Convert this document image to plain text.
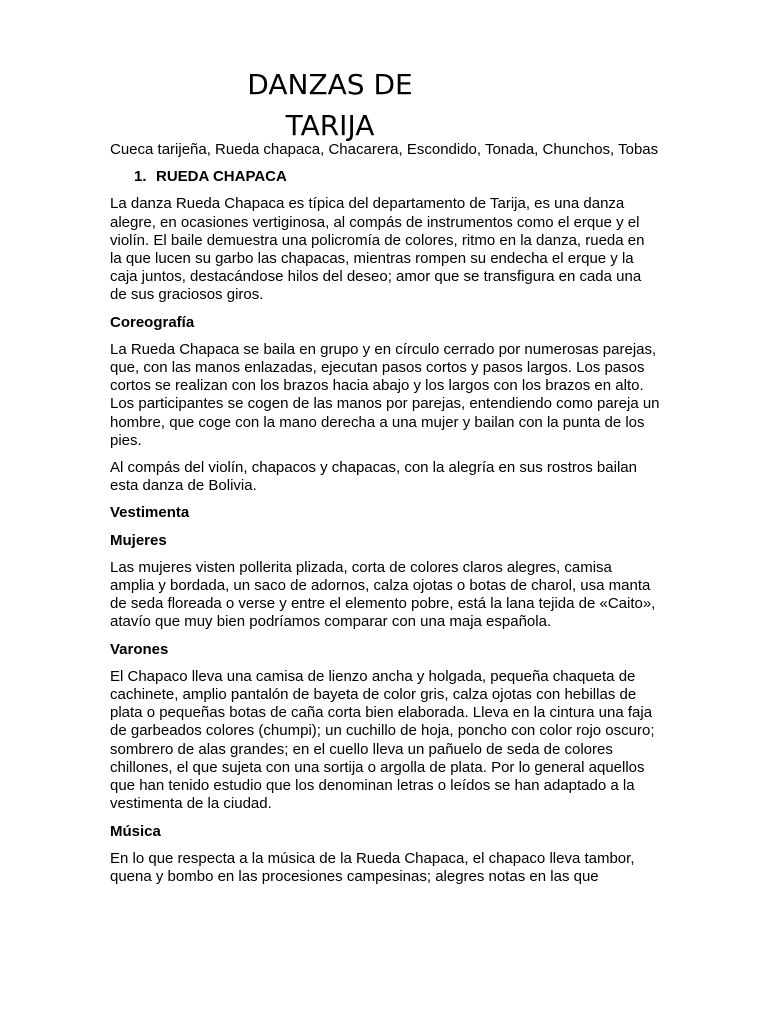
DANZAS DE TARIJA

Cueca tarijeña, Rueda chapaca, Chacarera, Escondido, Tonada, Chunchos, Tobas

1. RUEDA CHAPACA

La danza Rueda Chapaca es típica del departamento de Tarija, es una danza alegre, en ocasiones vertiginosa, al compás de instrumentos como el erque y el violín. El baile demuestra una policromía de colores, ritmo en la danza, rueda en la que lucen su garbo las chapacas, mientras rompen su endecha el erque y la caja juntos, destacándose hilos del deseo; amor que se transfigura en cada una de sus graciosos giros.

Coreografía

La Rueda Chapaca se baila en grupo y en círculo cerrado por numerosas parejas, que, con las manos enlazadas, ejecutan pasos cortos y pasos largos. Los pasos cortos se realizan con los brazos hacia abajo y los largos con los brazos en alto. Los participantes se cogen de las manos por parejas, entendiendo como pareja un hombre, que coge con la mano derecha a una mujer y bailan con la punta de los pies.

Al compás del violín, chapacos y chapacas, con la alegría en sus rostros bailan esta danza de Bolivia.

Vestimenta
Mujeres

Las mujeres visten pollerita plizada, corta de colores claros alegres, camisa amplia y bordada, un saco de adornos, calza ojotas o botas de charol, usa manta de seda floreada o verse y entre el elemento pobre, está la lana tejida de «Caito», atavío que muy bien podríamos comparar con una maja española.

Varones

El Chapaco lleva una camisa de lienzo ancha y holgada, pequeña chaqueta de cachinete, amplio pantalón de bayeta de color gris, calza ojotas con hebillas de plata o pequeñas botas de caña corta bien elaborada. Lleva en la cintura una faja de garbeados colores (chumpi); un cuchillo de hoja, poncho con color rojo oscuro; sombrero de alas grandes; en el cuello lleva un pañuelo de seda de colores chillones, el que sujeta con una sortija o argolla de plata. Por lo general aquellos que han tenido estudio que los denominan letras o leídos se han adaptado a la vestimenta de la ciudad.

Música

En lo que respecta a la música de la Rueda Chapaca, el chapaco lleva tambor, quena y bombo en las procesiones campesinas; alegres notas en las que
